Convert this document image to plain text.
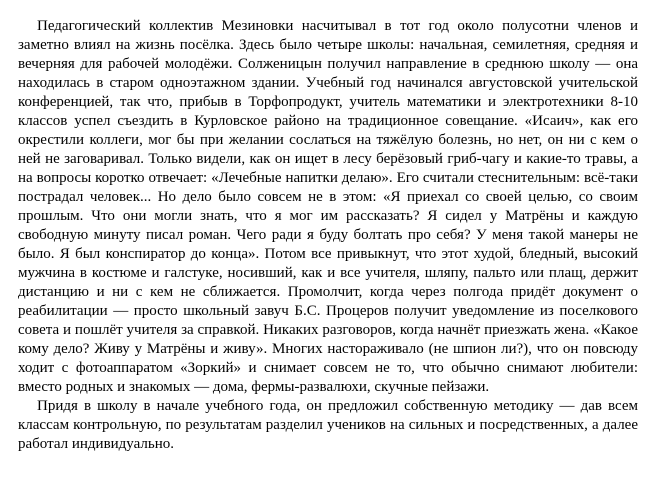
Педагогический коллектив Мезиновки насчитывал в тот год около полусотни членов и заметно влиял на жизнь посёлка. Здесь было четыре школы: начальная, семилетняя, средняя и вечерняя для рабочей молодёжи. Солженицын получил направление в среднюю школу — она находилась в старом одноэтажном здании. Учебный год начинался августовской учительской конференцией, так что, прибыв в Торфопродукт, учитель математики и электротехники 8-10 классов успел съездить в Курловское районо на традиционное совещание. «Исаич», как его окрестили коллеги, мог бы при желании сослаться на тяжёлую болезнь, но нет, он ни с кем о ней не заговаривал. Только видели, как он ищет в лесу берёзовый гриб-чагу и какие-то травы, а на вопросы коротко отвечает: «Лечебные напитки делаю». Его считали стеснительным: всё-таки пострадал человек... Но дело было совсем не в этом: «Я приехал со своей целью, со своим прошлым. Что они могли знать, что я мог им рассказать? Я сидел у Матрёны и каждую свободную минуту писал роман. Чего ради я буду болтать про себя? У меня такой манеры не было. Я был конспиратор до конца». Потом все привыкнут, что этот худой, бледный, высокий мужчина в костюме и галстуке, носивший, как и все учителя, шляпу, пальто или плащ, держит дистанцию и ни с кем не сближается. Промолчит, когда через полгода придёт документ о реабилитации — просто школьный завуч Б.С. Процеров получит уведомление из поселкового совета и пошлёт учителя за справкой. Никаких разговоров, когда начнёт приезжать жена. «Какое кому дело? Живу у Матрёны и живу». Многих настораживало (не шпион ли?), что он повсюду ходит с фотоаппаратом «Зоркий» и снимает совсем не то, что обычно снимают любители: вместо родных и знакомых — дома, фермы-развалюхи, скучные пейзажи.

Придя в школу в начале учебного года, он предложил собственную методику — дав всем классам контрольную, по результатам разделил учеников на сильных и посредственных, а далее работал индивидуально.
